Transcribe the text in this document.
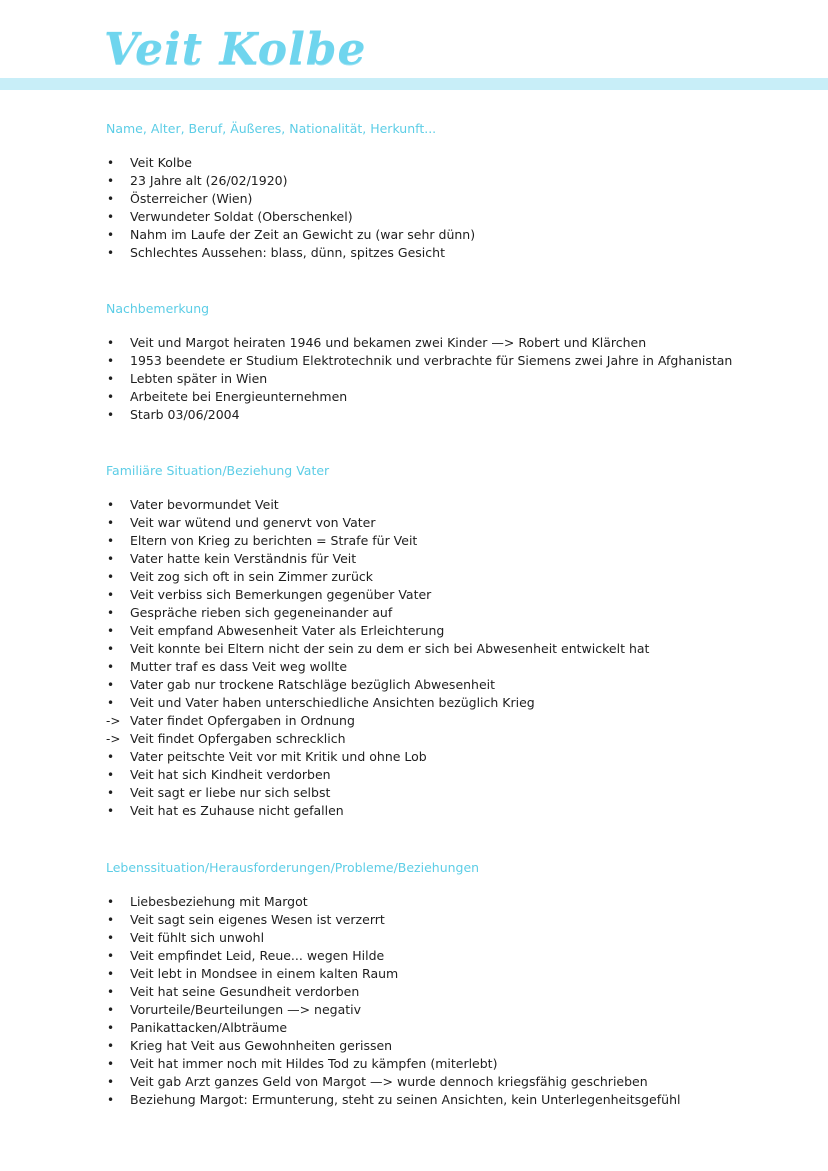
Veit Kolbe
Name, Alter, Beruf, Äußeres, Nationalität, Herkunft...
•	Veit Kolbe
•	23 Jahre alt (26/02/1920)
•	Österreicher (Wien)
•	Verwundeter Soldat (Oberschenkel)
•	Nahm im Laufe der Zeit an Gewicht zu (war sehr dünn)
•	Schlechtes Aussehen: blass, dünn, spitzes Gesicht
Nachbemerkung
•	Veit und Margot heiraten 1946 und bekamen zwei Kinder —> Robert und Klärchen
•	1953 beendete er Studium Elektrotechnik und verbrachte für Siemens zwei Jahre in Afghanistan
•	Lebten später in Wien
•	Arbeitete bei Energieunternehmen
•	Starb 03/06/2004
Familiäre Situation/Beziehung Vater
•	Vater bevormundet Veit
•	Veit war wütend und genervt von Vater
•	Eltern von Krieg zu berichten = Strafe für Veit
•	Vater hatte kein Verständnis für Veit
•	Veit zog sich oft in sein Zimmer zurück
•	Veit verbiss sich Bemerkungen gegenüber Vater
•	Gespräche rieben sich gegeneinander auf
•	Veit empfand Abwesenheit Vater als Erleichterung
•	Veit konnte bei Eltern nicht der sein zu dem er sich bei Abwesenheit entwickelt hat
•	Mutter traf es dass Veit weg wollte
•	Vater gab nur trockene Ratschläge bezüglich Abwesenheit
•	Veit und Vater haben unterschiedliche Ansichten bezüglich Krieg
-> Vater findet Opfergaben in Ordnung
-> Veit findet Opfergaben schrecklich
•	Vater peitschte Veit vor mit Kritik und ohne Lob
•	Veit hat sich Kindheit verdorben
•	Veit sagt er liebe nur sich selbst
•	Veit hat es Zuhause nicht gefallen
Lebenssituation/Herausforderungen/Probleme/Beziehungen
•	Liebesbeziehung mit Margot
•	Veit sagt sein eigenes Wesen ist verzerrt
•	Veit fühlt sich unwohl
•	Veit empfindet Leid, Reue... wegen Hilde
•	Veit lebt in Mondsee in einem kalten Raum
•	Veit hat seine Gesundheit verdorben
•	Vorurteile/Beurteilungen —> negativ
•	Panikattacken/Albträume
•	Krieg hat Veit aus Gewohnheiten gerissen
•	Veit hat immer noch mit Hildes Tod zu kämpfen (miterlebt)
•	Veit gab Arzt ganzes Geld von Margot —> wurde dennoch kriegsfähig geschrieben
•	Beziehung Margot: Ermunterung, steht zu seinen Ansichten, kein Unterlegenheitsgefühl
